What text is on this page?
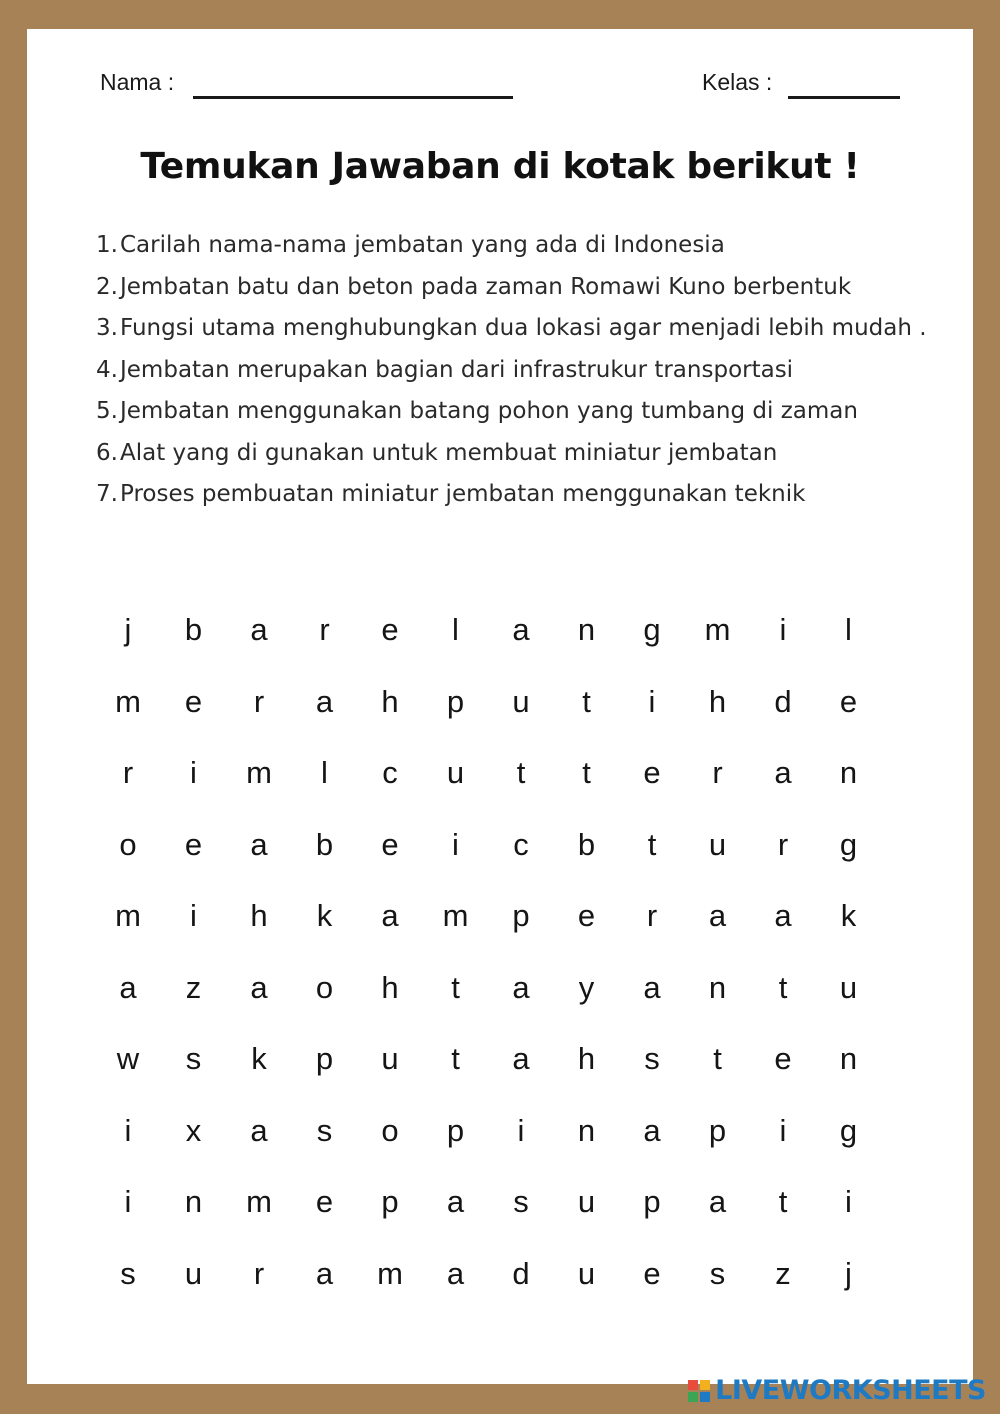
Nama :	Kelas :
Temukan Jawaban di kotak berikut !
1. Carilah nama-nama jembatan yang ada di Indonesia
2. Jembatan batu dan beton pada zaman Romawi Kuno berbentuk
3. Fungsi utama menghubungkan dua lokasi agar menjadi lebih mudah .
4. Jembatan merupakan bagian dari infrastrukur transportasi
5. Jembatan menggunakan batang pohon yang tumbang di zaman
6. Alat yang di gunakan untuk membuat miniatur jembatan
7. Proses pembuatan miniatur jembatan menggunakan teknik
j	b	a	r	e	l	a	n	g	m	i	l
m	e	r	a	h	p	u	t	i	h	d	e
r	i	m	l	c	u	t	t	e	r	a	n
o	e	a	b	e	i	c	b	t	u	r	g
m	i	h	k	a	m	p	e	r	a	a	k
a	z	a	o	h	t	a	y	a	n	t	u
w	s	k	p	u	t	a	h	s	t	e	n
i	x	a	s	o	p	i	n	a	p	i	g
i	n	m	e	p	a	s	u	p	a	t	i
s	u	r	a	m	a	d	u	e	s	z	j
LIVEWORKSHEETS
